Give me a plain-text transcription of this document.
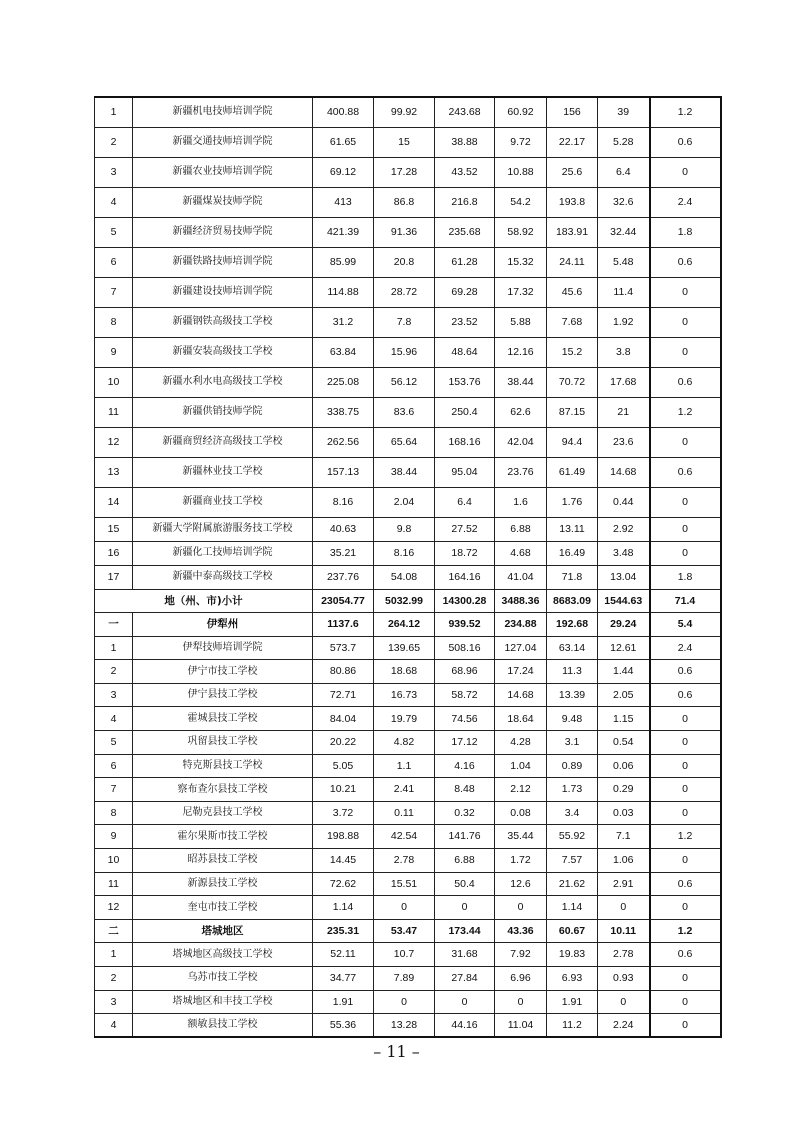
1	新疆机电技师培训学院	400.88	99.92	243.68	60.92	156	39	1.2
2	新疆交通技师培训学院	61.65	15	38.88	9.72	22.17	5.28	0.6
3	新疆农业技师培训学院	69.12	17.28	43.52	10.88	25.6	6.4	0
4	新疆煤炭技师学院	413	86.8	216.8	54.2	193.8	32.6	2.4
5	新疆经济贸易技师学院	421.39	91.36	235.68	58.92	183.91	32.44	1.8
6	新疆铁路技师培训学院	85.99	20.8	61.28	15.32	24.11	5.48	0.6
7	新疆建设技师培训学院	114.88	28.72	69.28	17.32	45.6	11.4	0
8	新疆钢铁高级技工学校	31.2	7.8	23.52	5.88	7.68	1.92	0
9	新疆安装高级技工学校	63.84	15.96	48.64	12.16	15.2	3.8	0
10	新疆水利水电高级技工学校	225.08	56.12	153.76	38.44	70.72	17.68	0.6
11	新疆供销技师学院	338.75	83.6	250.4	62.6	87.15	21	1.2
12	新疆商贸经济高级技工学校	262.56	65.64	168.16	42.04	94.4	23.6	0
13	新疆林业技工学校	157.13	38.44	95.04	23.76	61.49	14.68	0.6
14	新疆商业技工学校	8.16	2.04	6.4	1.6	1.76	0.44	0
15	新疆大学附属旅游服务技工学校	40.63	9.8	27.52	6.88	13.11	2.92	0
16	新疆化工技师培训学院	35.21	8.16	18.72	4.68	16.49	3.48	0
17	新疆中泰高级技工学校	237.76	54.08	164.16	41.04	71.8	13.04	1.8
地（州、市)小计		23054.77	5032.99	14300.28	3488.36	8683.09	1544.63	71.4
一	伊犁州	1137.6	264.12	939.52	234.88	192.68	29.24	5.4
1	伊犁技师培训学院	573.7	139.65	508.16	127.04	63.14	12.61	2.4
2	伊宁市技工学校	80.86	18.68	68.96	17.24	11.3	1.44	0.6
3	伊宁县技工学校	72.71	16.73	58.72	14.68	13.39	2.05	0.6
4	霍城县技工学校	84.04	19.79	74.56	18.64	9.48	1.15	0
5	巩留县技工学校	20.22	4.82	17.12	4.28	3.1	0.54	0
6	特克斯县技工学校	5.05	1.1	4.16	1.04	0.89	0.06	0
7	察布查尔县技工学校	10.21	2.41	8.48	2.12	1.73	0.29	0
8	尼勒克县技工学校	3.72	0.11	0.32	0.08	3.4	0.03	0
9	霍尔果斯市技工学校	198.88	42.54	141.76	35.44	55.92	7.1	1.2
10	昭苏县技工学校	14.45	2.78	6.88	1.72	7.57	1.06	0
11	新源县技工学校	72.62	15.51	50.4	12.6	21.62	2.91	0.6
12	奎屯市技工学校	1.14	0	0	0	1.14	0	0
二	塔城地区	235.31	53.47	173.44	43.36	60.67	10.11	1.2
1	塔城地区高级技工学校	52.11	10.7	31.68	7.92	19.83	2.78	0.6
2	乌苏市技工学校	34.77	7.89	27.84	6.96	6.93	0.93	0
3	塔城地区和丰技工学校	1.91	0	0	0	1.91	0	0
4	额敏县技工学校	55.36	13.28	44.16	11.04	11.2	2.24	0
– 11 –
